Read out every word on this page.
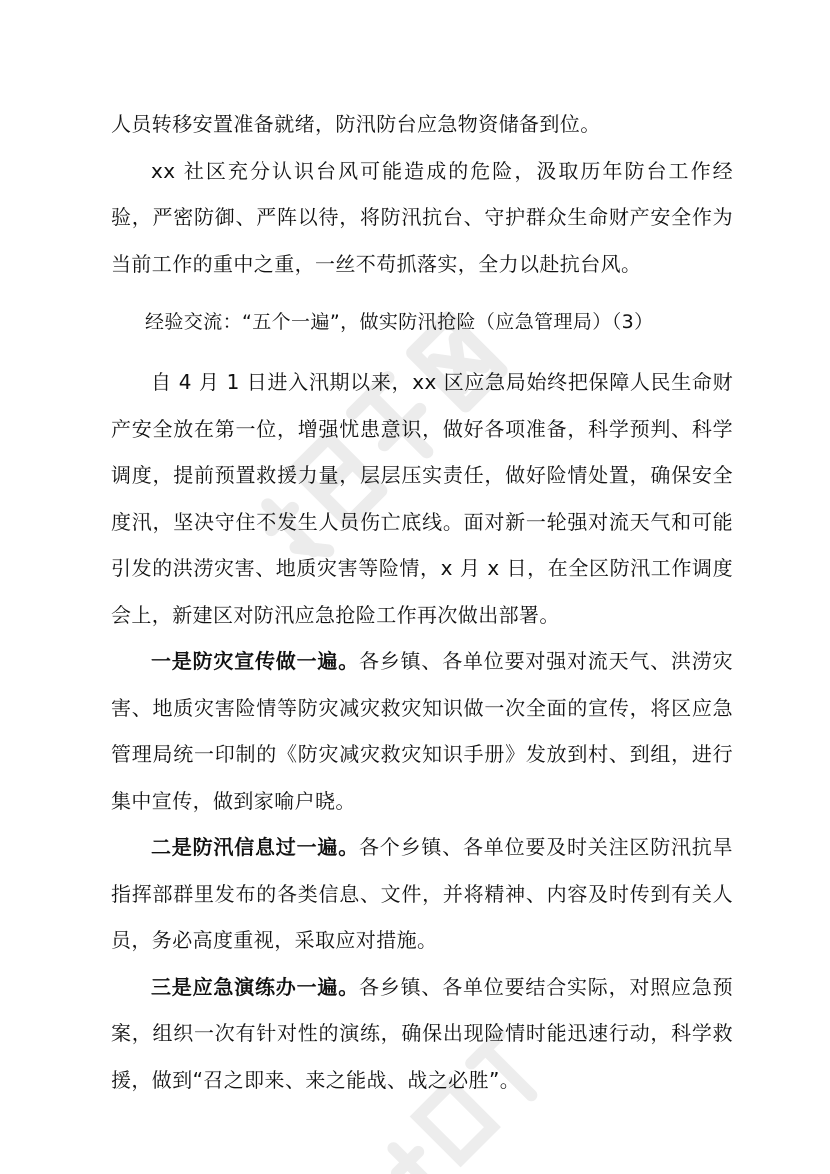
人员转移安置准备就绪，防汛防台应急物资储备到位。

xx 社区充分认识台风可能造成的危险，汲取历年防台工作经验，严密防御、严阵以待，将防汛抗台、守护群众生命财产安全作为当前工作的重中之重，一丝不苟抓落实，全力以赴抗台风。

经验交流：“五个一遍”，做实防汛抢险（应急管理局）（3）

自 4 月 1 日进入汛期以来，xx 区应急局始终把保障人民生命财产安全放在第一位，增强忧患意识，做好各项准备，科学预判、科学调度，提前预置救援力量，层层压实责任，做好险情处置，确保安全度汛，坚决守住不发生人员伤亡底线。面对新一轮强对流天气和可能引发的洪涝灾害、地质灾害等险情，x 月 x 日，在全区防汛工作调度会上，新建区对防汛应急抢险工作再次做出部署。

一是防灾宣传做一遍。各乡镇、各单位要对强对流天气、洪涝灾害、地质灾害险情等防灾减灾救灾知识做一次全面的宣传，将区应急管理局统一印制的《防灾减灾救灾知识手册》发放到村、到组，进行集中宣传，做到家喻户晓。

二是防汛信息过一遍。各个乡镇、各单位要及时关注区防汛抗旱指挥部群里发布的各类信息、文件，并将精神、内容及时传到有关人员，务必高度重视，采取应对措施。

三是应急演练办一遍。各乡镇、各单位要结合实际，对照应急预案，组织一次有针对性的演练，确保出现险情时能迅速行动，科学救援，做到“召之即来、来之能战、战之必胜”。
